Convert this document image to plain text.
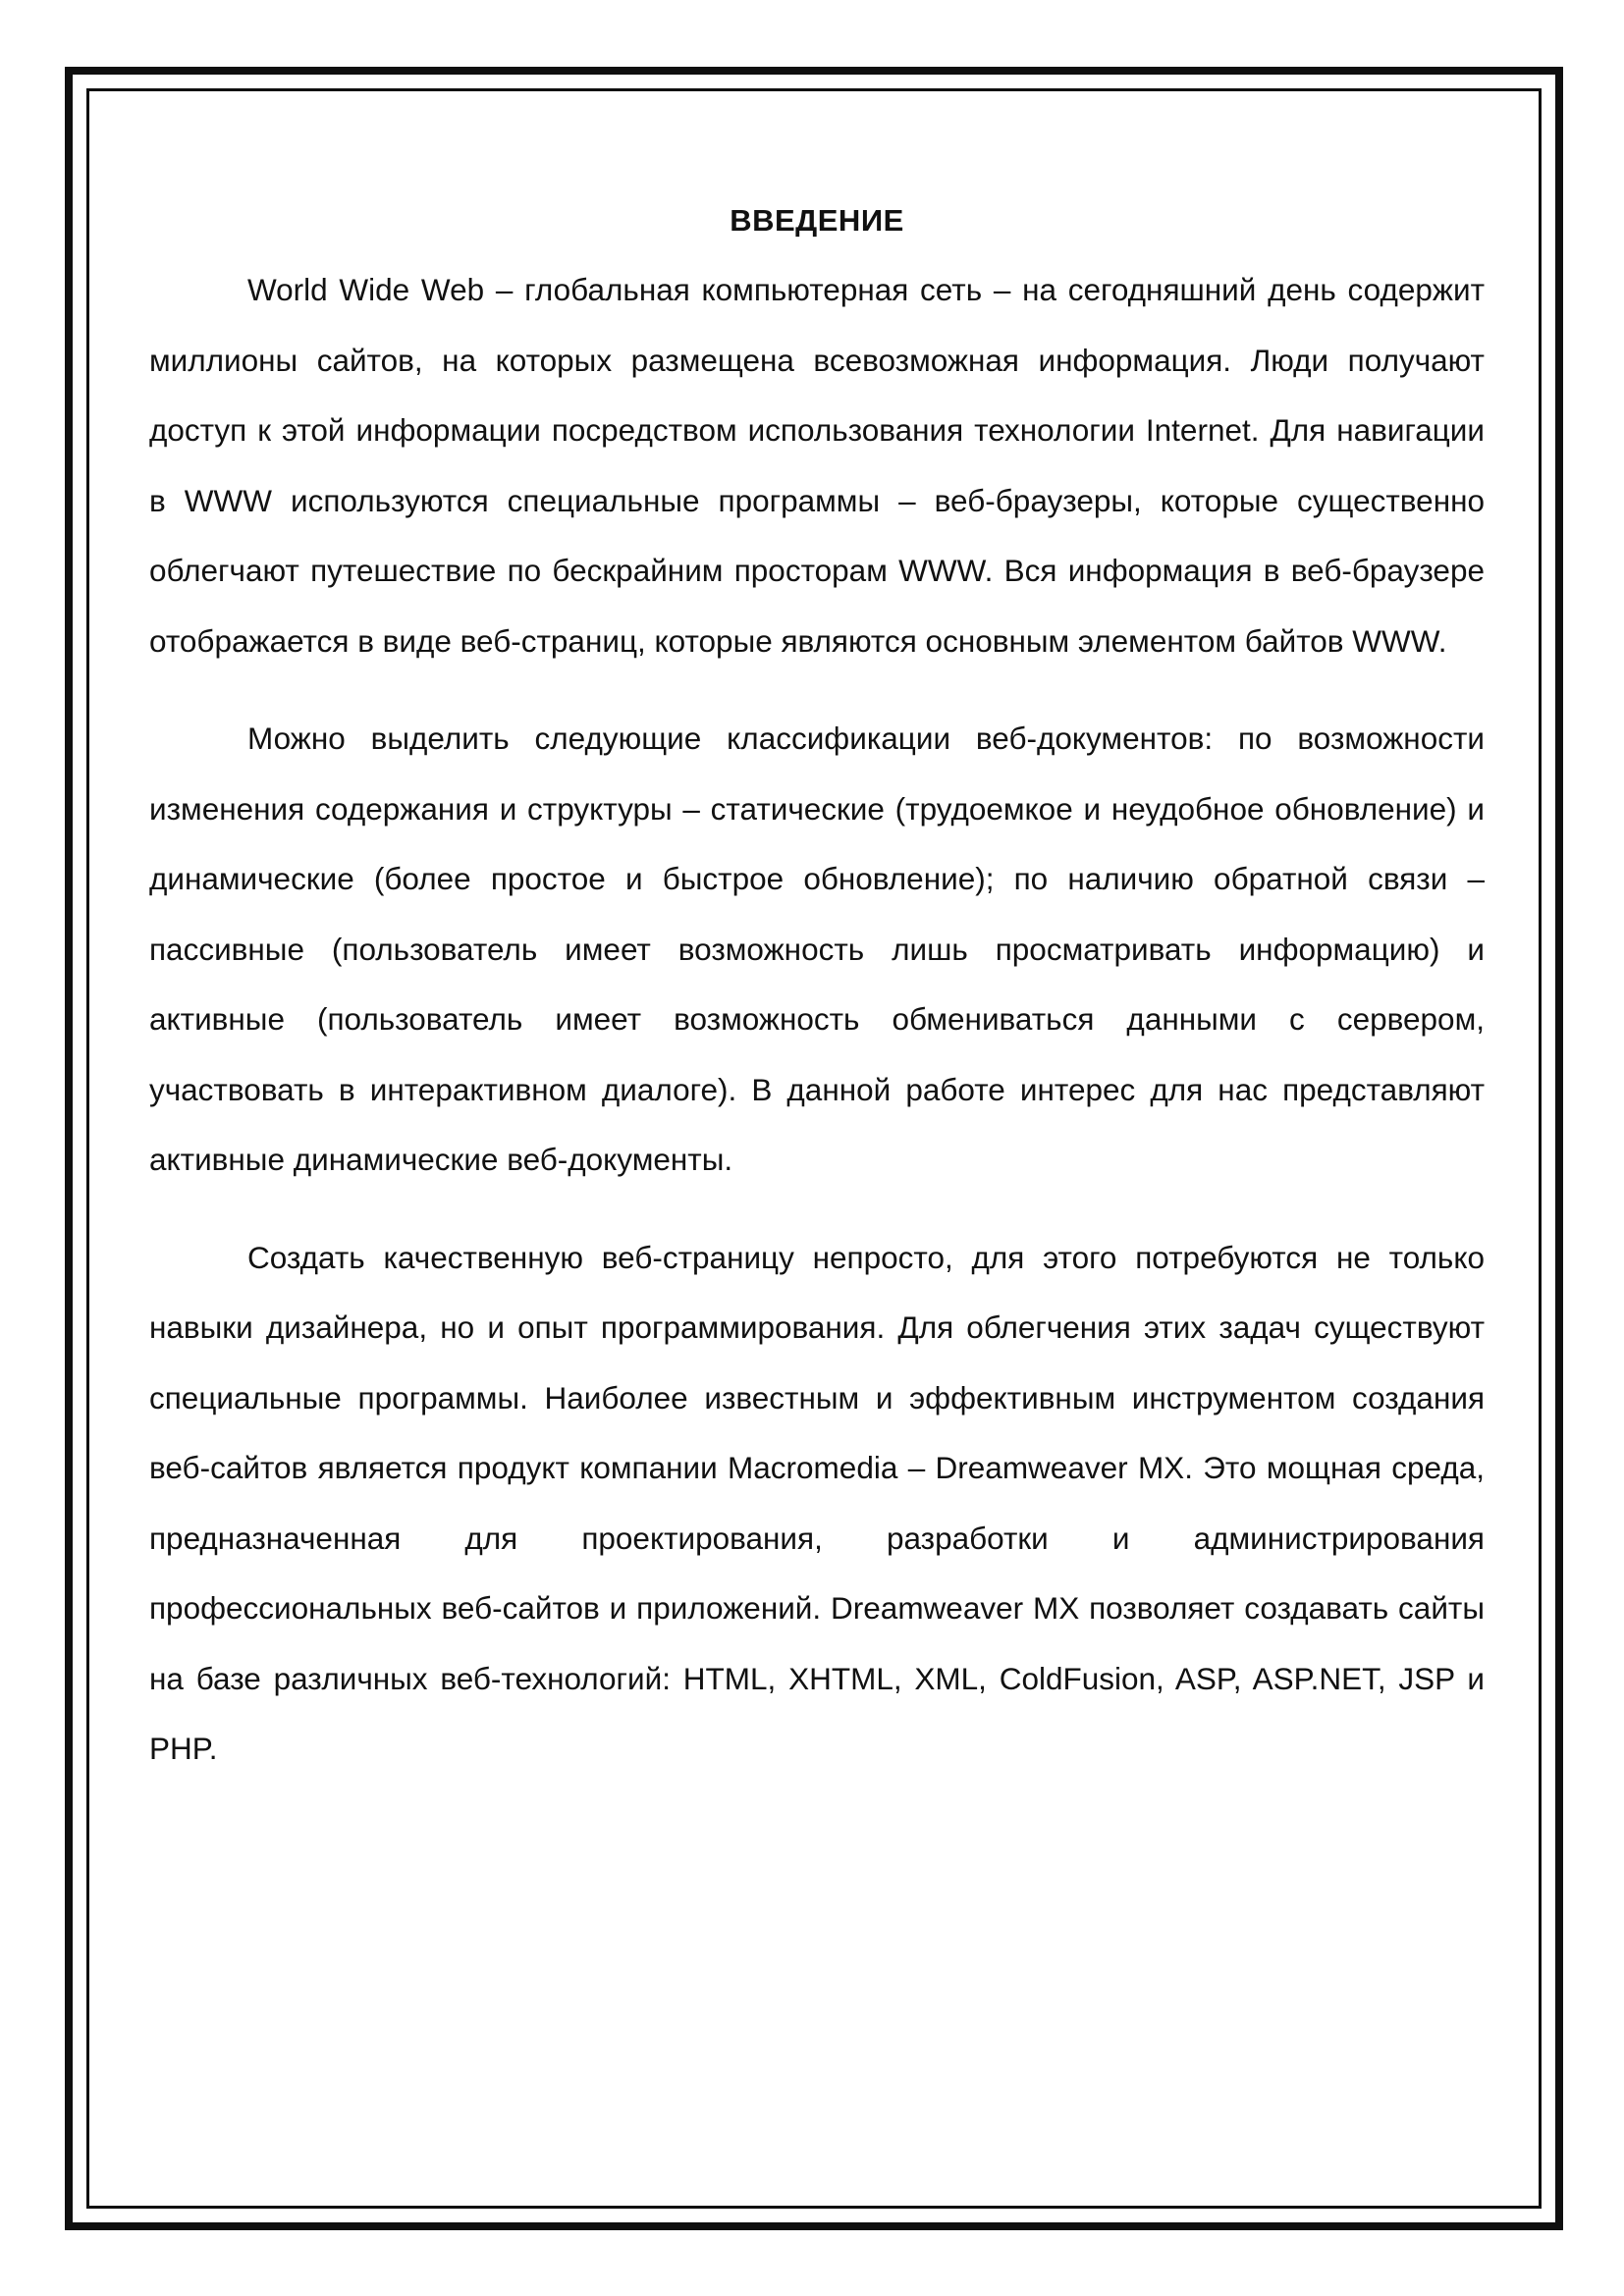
ВВЕДЕНИЕ

World Wide Web – глобальная компьютерная сеть – на сегодняшний день содержит миллионы сайтов, на которых размещена всевозможная информация. Люди получают доступ к этой информации посредством использования технологии Internet. Для навигации в WWW используются специальные программы – веб-браузеры, которые существенно облегчают путешествие по бескрайним просторам WWW. Вся информация в веб-браузере отображается в виде веб-страниц, которые являются основным элементом байтов WWW.

Можно выделить следующие классификации веб-документов: по возможности изменения содержания и структуры – статические (трудоемкое и неудобное обновление) и динамические (более простое и быстрое обновление); по наличию обратной связи – пассивные (пользователь имеет возможность лишь просматривать информацию) и активные (пользователь имеет возможность обмениваться данными с сервером, участвовать в интерактивном диалоге). В данной работе интерес для нас представляют активные динамические веб-документы.

Создать качественную веб-страницу непросто, для этого потребуются не только навыки дизайнера, но и опыт программирования. Для облегчения этих задач существуют специальные программы. Наиболее известным и эффективным инструментом создания веб-сайтов является продукт компании Macromedia – Dreamweaver MX. Это мощная среда, предназначенная для проектирования, разработки и администрирования профессиональных веб-сайтов и приложений. Dreamweaver MX позволяет создавать сайты на базе различных веб-технологий: HTML, XHTML, XML, ColdFusion, ASP, ASP.NET, JSP и PHP.
